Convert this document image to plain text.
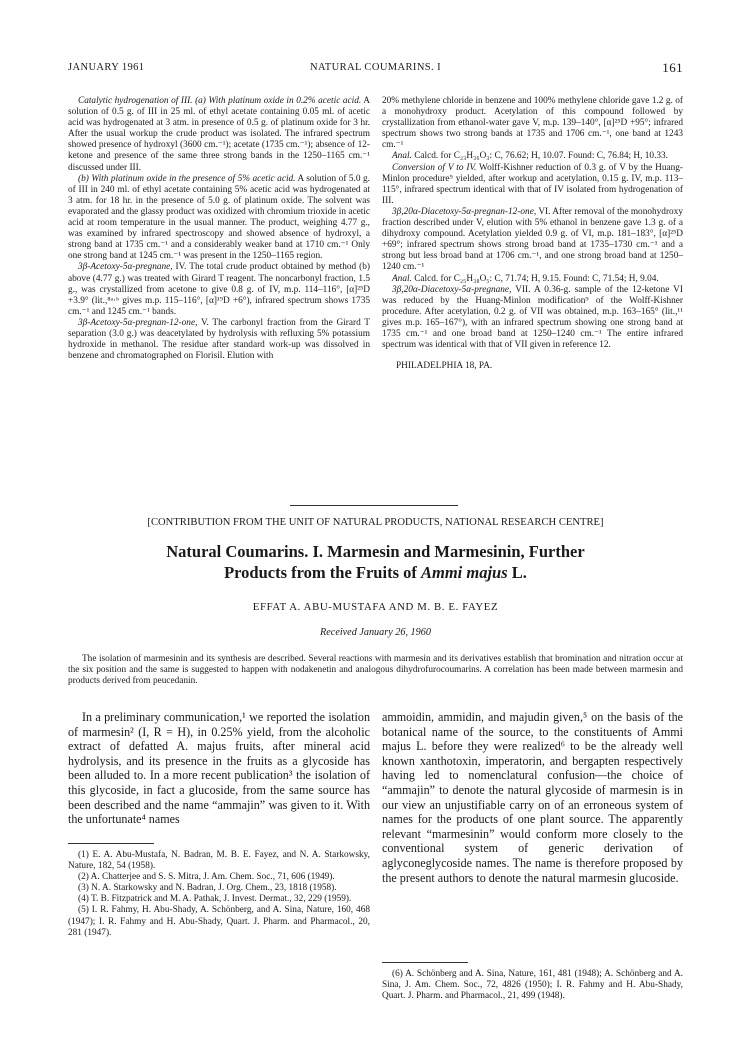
JANUARY 1961	NATURAL COUMARINS. I	161

Catalytic hydrogenation of III. (a) With platinum oxide in 0.2% acetic acid. A solution of 0.5 g. of III in 25 ml. of ethyl acetate containing 0.05 ml. of acetic acid was hydrogenated at 3 atm. in presence of 0.5 g. of platinum oxide for 3 hr. After the usual workup the crude product was isolated. The infrared spectrum showed presence of hydroxyl (3600 cm.⁻¹); acetate (1735 cm.⁻¹); absence of 12-ketone and presence of the same three strong bands in the 1250–1165 cm.⁻¹ discussed under III.

(b) With platinum oxide in the presence of 5% acetic acid. A solution of 5.0 g. of III in 240 ml. of ethyl acetate containing 5% acetic acid was hydrogenated at 3 atm. for 18 hr. in the presence of 5.0 g. of platinum oxide. The solvent was evaporated and the glassy product was oxidized with chromium trioxide in acetic acid at room temperature in the usual manner. The product, weighing 4.77 g., was examined by infrared spectroscopy and showed absence of hydroxyl, a strong band at 1735 cm.⁻¹ and a considerably weaker band at 1710 cm.⁻¹ Only one strong band at 1245 cm.⁻¹ was present in the 1250–1165 region.

3β-Acetoxy-5α-pregnane, IV. The total crude product obtained by method (b) above (4.77 g.) was treated with Girard T reagent. The noncarbonyl fraction, 1.5 g., was crystallized from acetone to give 0.8 g. of IV, m.p. 114–116°, [α]²⁵D +3.9° (lit.,⁸ᵃ·ᵇ gives m.p. 115–116°, [α]¹⁹D +6°), infrared spectrum shows 1735 cm.⁻¹ and 1245 cm.⁻¹ bands.

3β-Acetoxy-5α-pregnan-12-one, V. The carbonyl fraction from the Girard T separation (3.0 g.) was deacetylated by hydrolysis with refluxing 5% potassium hydroxide in methanol. The residue after standard work-up was dissolved in benzene and chromatographed on Florisil. Elution with

20% methylene chloride in benzene and 100% methylene chloride gave 1.2 g. of a monohydroxy product. Acetylation of this compound followed by crystallization from ethanol-water gave V, m.p. 139–140°, [α]²⁵D +95°; infrared spectrum shows two strong bands at 1735 and 1706 cm.⁻¹, one band at 1243 cm.⁻¹

Anal. Calcd. for C₂₃H₃₆O₃: C, 76.62; H, 10.07. Found: C, 76.84; H, 10.33.

Conversion of V to IV. Wolff-Kishner reduction of 0.3 g. of V by the Huang-Minlon procedure⁹ yielded, after workup and acetylation, 0.15 g. IV, m.p. 113–115°, infrared spectrum identical with that of IV isolated from hydrogenation of III.

3β,20α-Diacetoxy-5α-pregnan-12-one, VI. After removal of the monohydroxy fraction described under V, elution with 5% ethanol in benzene gave 1.3 g. of a dihydroxy compound. Acetylation yielded 0.9 g. of VI, m.p. 181–183°, [α]²⁵D +69°; infrared spectrum shows strong broad band at 1735–1730 cm.⁻¹ and a strong but less broad band at 1706 cm.⁻¹, and one strong broad band at 1250–1240 cm.⁻¹

Anal. Calcd. for C₂₅H₃₈O₅: C, 71.74; H, 9.15. Found: C, 71.54; H, 9.04.

3β,20α-Diacetoxy-5α-pregnane, VII. A 0.36-g. sample of the 12-ketone VI was reduced by the Huang-Minlon modification⁹ of the Wolff-Kishner procedure. After acetylation, 0.2 g. of VII was obtained, m.p. 163–165° (lit.,¹¹ gives m.p. 165–167°), with an infrared spectrum showing one strong band at 1735 cm.⁻¹ and one broad band at 1250–1240 cm.⁻¹ The entire infrared spectrum was identical with that of VII given in reference 12.

PHILADELPHIA 18, PA.

[CONTRIBUTION FROM THE UNIT OF NATURAL PRODUCTS, NATIONAL RESEARCH CENTRE]
Natural Coumarins. I. Marmesin and Marmesinin, Further
Products from the Fruits of Ammi majus L.
EFFAT A. ABU-MUSTAFA AND M. B. E. FAYEZ
Received January 26, 1960

The isolation of marmesinin and its synthesis are described. Several reactions with marmesin and its derivatives establish that bromination and nitration occur at the six position and the same is suggested to happen with nodakenetin and analogous dihydrofurocoumarins. A correlation has been made between marmesin and products derived from peucedanin.

In a preliminary communication,¹ we reported the isolation of marmesin² (I, R = H), in 0.25% yield, from the alcoholic extract of defatted A. majus fruits, after mineral acid hydrolysis, and its presence in the fruits as a glycoside has been alluded to. In a more recent publication³ the isolation of this glycoside, in fact a glucoside, from the same source has been described and the name “ammajin” was given to it. With the unfortunate⁴ names

ammoidin, ammidin, and majudin given,⁵ on the basis of the botanical name of the source, to the constituents of Ammi majus L. before they were realized⁶ to be the already well known xanthotoxin, imperatorin, and bergapten respectively having led to nomenclatural confusion—the choice of “ammajin” to denote the natural glycoside of marmesin is in our view an unjustifiable carry on of an erroneous system of names for the products of one plant source. The apparently relevant “marmesinin” would conform more closely to the conventional system of generic derivation of aglyconeglycoside names. The name is therefore proposed by the present authors to denote the natural marmesin glucoside.

(1) E. A. Abu-Mustafa, N. Badran, M. B. E. Fayez, and N. A. Starkowsky, Nature, 182, 54 (1958).

(2) A. Chatterjee and S. S. Mitra, J. Am. Chem. Soc., 71, 606 (1949).

(3) N. A. Starkowsky and N. Badran, J. Org. Chem., 23, 1818 (1958).

(4) T. B. Fitzpatrick and M. A. Pathak, J. Invest. Dermat., 32, 229 (1959).

(5) I. R. Fahmy, H. Abu-Shady, A. Schönberg, and A. Sina, Nature, 160, 468 (1947); I. R. Fahmy and H. Abu-Shady, Quart. J. Pharm. and Pharmacol., 20, 281 (1947).

(6) A. Schönberg and A. Sina, Nature, 161, 481 (1948); A. Schönberg and A. Sina, J. Am. Chem. Soc., 72, 4826 (1950); I. R. Fahmy and H. Abu-Shady, Quart. J. Pharm. and Pharmacol., 21, 499 (1948).
